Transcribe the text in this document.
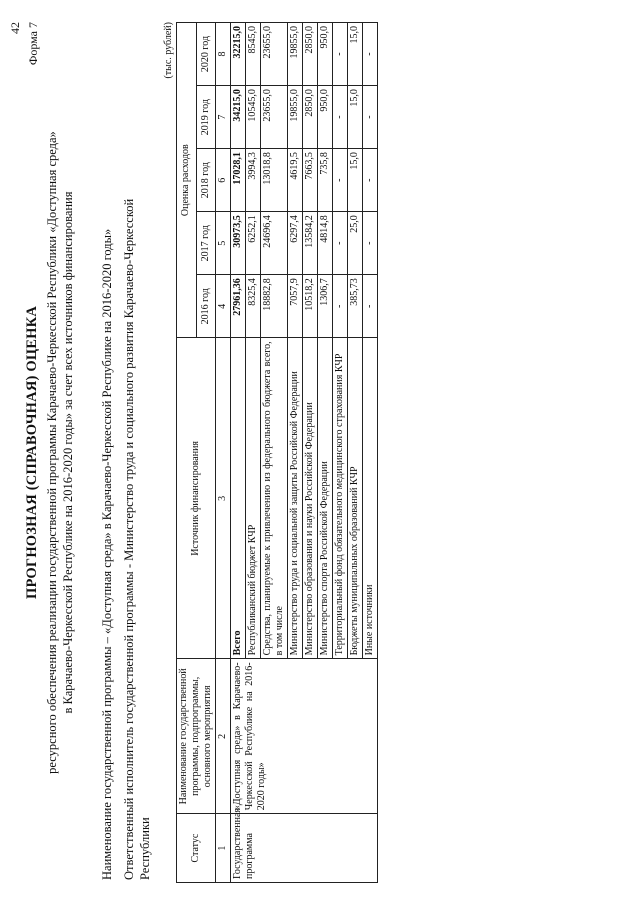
42 Форма 7
ПРОГНОЗНАЯ (СПРАВОЧНАЯ) ОЦЕНКА ресурсного обеспечения реализации государственной программы Карачаево-Черкесской Республики «Доступная среда» в Карачаево-Черкесской Республике на 2016-2020 годы» за счет всех источников финансирования Наименование государственной программы – «Доступная среда» в Карачаево-Черкесской Республике на 2016-2020 годы» Ответственный исполнитель государственной программы - Министерство труда и социального развития Карачаево-Черкесской Республики
(тыс. рублей)
Статус	Наименование государственной программы, подпрограммы, основного мероприятия	Источник финансирования	Оценка расходов				
			2016 год	2017 год	2018 год	2019 год	2020 год
1	2	3	4	5	6	7	8
Государственная программа	«Доступная среда» в Карачаево-Черкесской Республике на 2016-2020 годы»	Всего	27961,36	30973,5	17028,1	34215,0	32215,0
		Республиканский бюджет КЧР	8325,4	6252,1	3994,3	10545,0	8545,0
		Средства, планируемые к привлечению из федерального бюджета всего, в том числе	18882,8	24696,4	13018,8	23655,0	23655,0
		Министерство труда и социальной защиты Российской Федерации	7057,9	6297,4	4619,5	19855,0	19855,0
		Министерство образования и науки Российской Федерации	10518,2	13584,2	7663,5	2850,0	2850,0
		Министерство спорта Российской Федерации	1306,7	4814,8	735,8	950,0	950,0
		Территориальный фонд обязательного медицинского страхования КЧР	-	-	-	-	-
		Бюджеты муниципальных образований КЧР	385,73	25,0	15,0	15,0	15,0
		Иные источники	-	-	-	-	-
